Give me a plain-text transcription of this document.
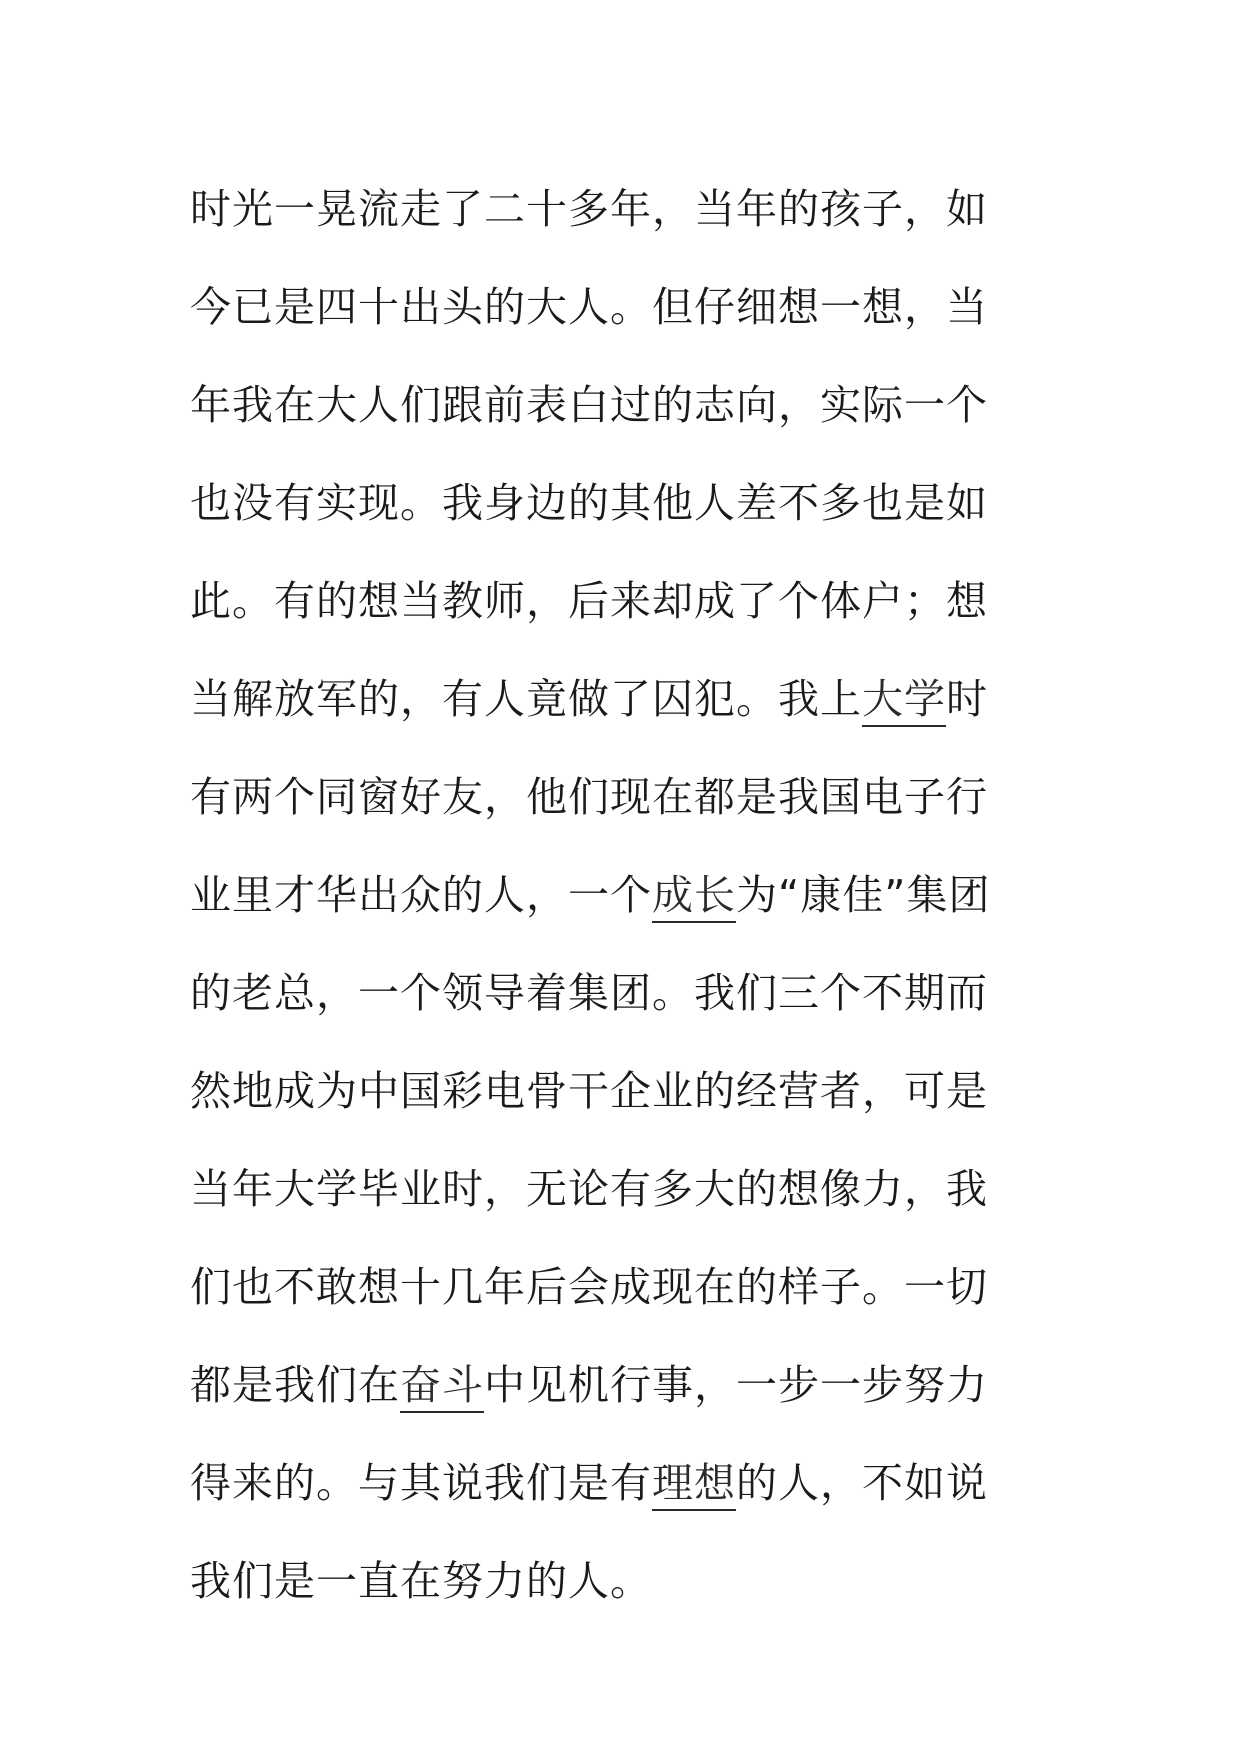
时光一晃流走了二十多年，当年的孩子，如
今已是四十出头的大人。但仔细想一想，当
年我在大人们跟前表白过的志向，实际一个
也没有实现。我身边的其他人差不多也是如
此。有的想当教师，后来却成了个体户；想
当解放军的，有人竟做了囚犯。我上大学时
有两个同窗好友，他们现在都是我国电子行
业里才华出众的人，一个成长为“康佳”集团
的老总，一个领导着集团。我们三个不期而
然地成为中国彩电骨干企业的经营者，可是
当年大学毕业时，无论有多大的想像力，我
们也不敢想十几年后会成现在的样子。一切
都是我们在奋斗中见机行事，一步一步努力
得来的。与其说我们是有理想的人，不如说
我们是一直在努力的人。
